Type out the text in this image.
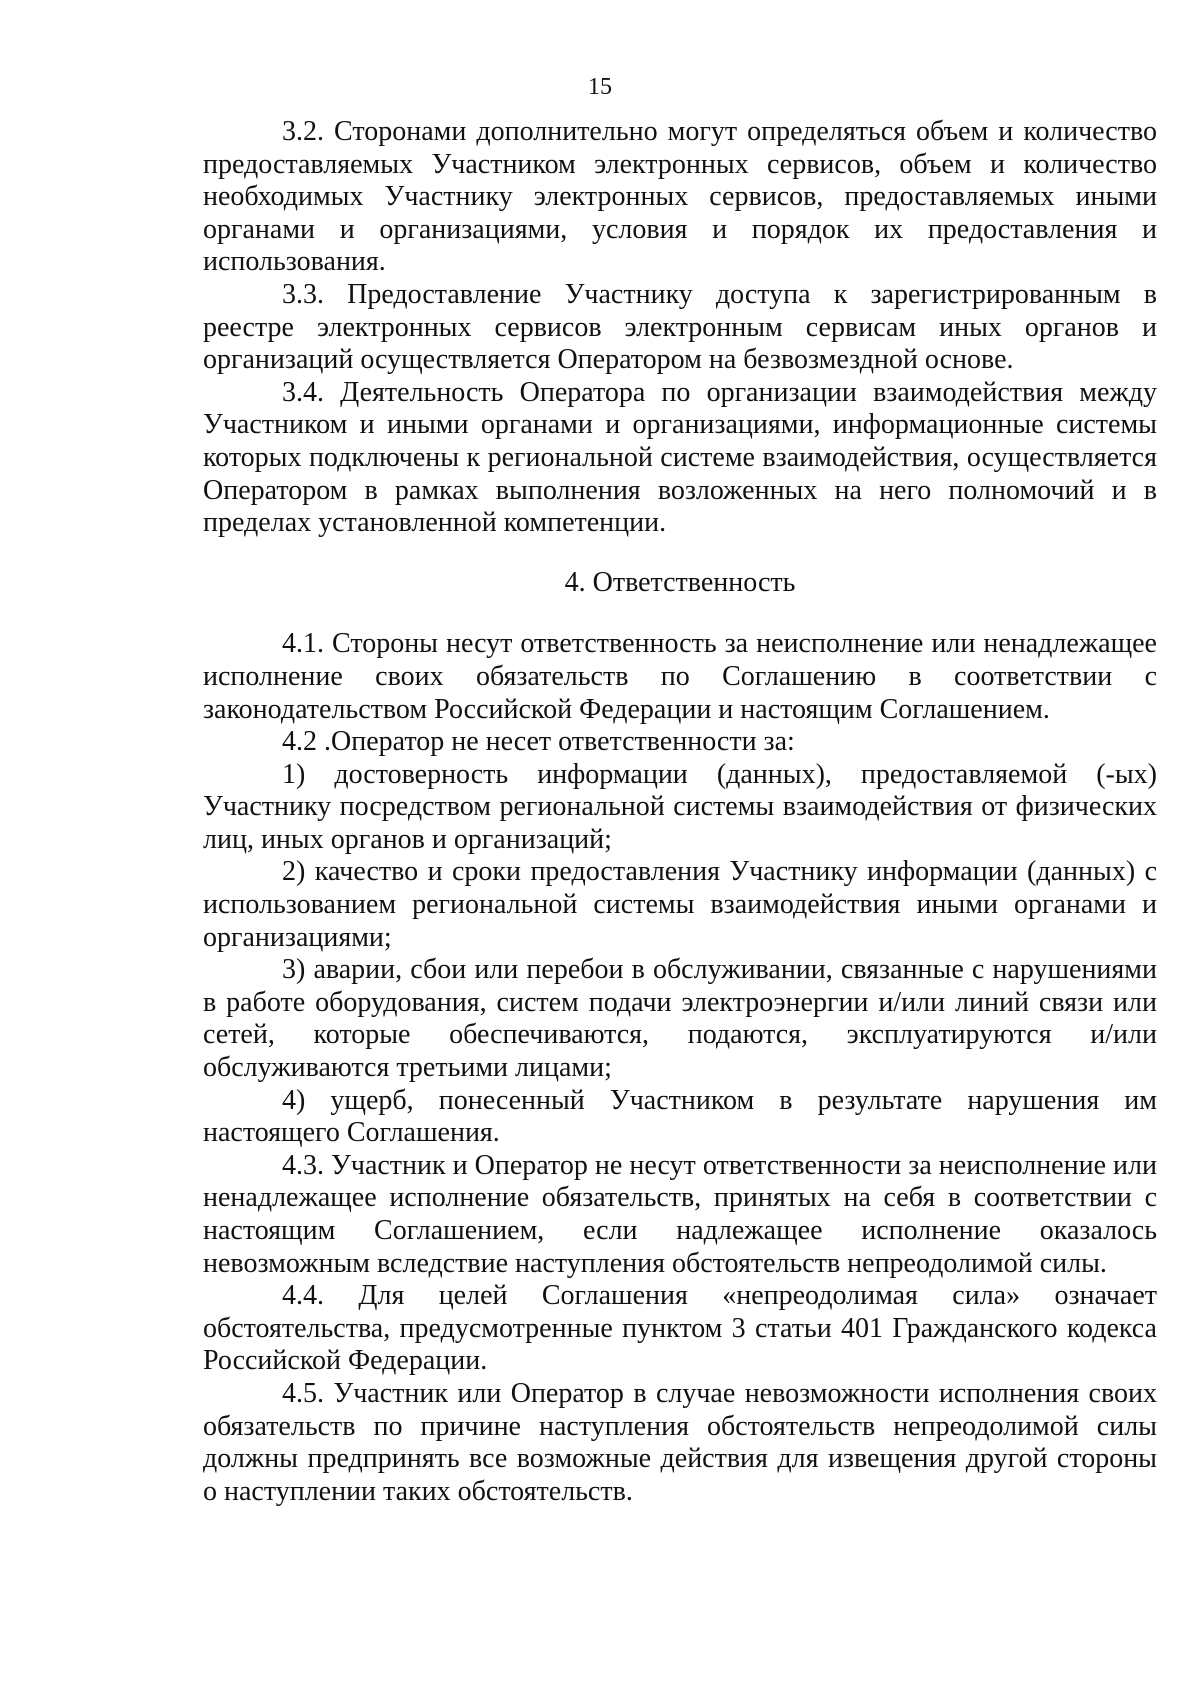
15

3.2. Сторонами дополнительно могут определяться объем и количество предоставляемых Участником электронных сервисов, объем и количество необходимых Участнику электронных сервисов, предоставляемых иными органами и организациями, условия и порядок их предоставления и использования.

3.3. Предоставление Участнику доступа к зарегистрированным в реестре электронных сервисов электронным сервисам иных органов и организаций осуществляется Оператором на безвозмездной основе.

3.4. Деятельность Оператора по организации взаимодействия между Участником и иными органами и организациями, информационные системы которых подключены к региональной системе взаимодействия, осуществляется Оператором в рамках выполнения возложенных на него полномочий и в пределах установленной компетенции.

4. Ответственность

4.1. Стороны несут ответственность за неисполнение или ненадлежащее исполнение своих обязательств по Соглашению в соответствии с законодательством Российской Федерации и настоящим Соглашением.

4.2 .Оператор не несет ответственности за:

1) достоверность информации (данных), предоставляемой (-ых) Участнику посредством региональной системы взаимодействия от физических лиц, иных органов и организаций;

2) качество и сроки предоставления Участнику информации (данных) с использованием региональной системы взаимодействия иными органами и организациями;

3) аварии, сбои или перебои в обслуживании, связанные с нарушениями в работе оборудования, систем подачи электроэнергии и/или линий связи или сетей, которые обеспечиваются, подаются, эксплуатируются и/или обслуживаются третьими лицами;

4) ущерб, понесенный Участником в результате нарушения им настоящего Соглашения.

4.3. Участник и Оператор не несут ответственности за неисполнение или ненадлежащее исполнение обязательств, принятых на себя в соответствии с настоящим Соглашением, если надлежащее исполнение оказалось невозможным вследствие наступления обстоятельств непреодолимой силы.

4.4. Для целей Соглашения «непреодолимая сила» означает обстоятельства, предусмотренные пунктом 3 статьи 401 Гражданского кодекса Российской Федерации.

4.5. Участник или Оператор в случае невозможности исполнения своих обязательств по причине наступления обстоятельств непреодолимой силы должны предпринять все возможные действия для извещения другой стороны о наступлении таких обстоятельств.
